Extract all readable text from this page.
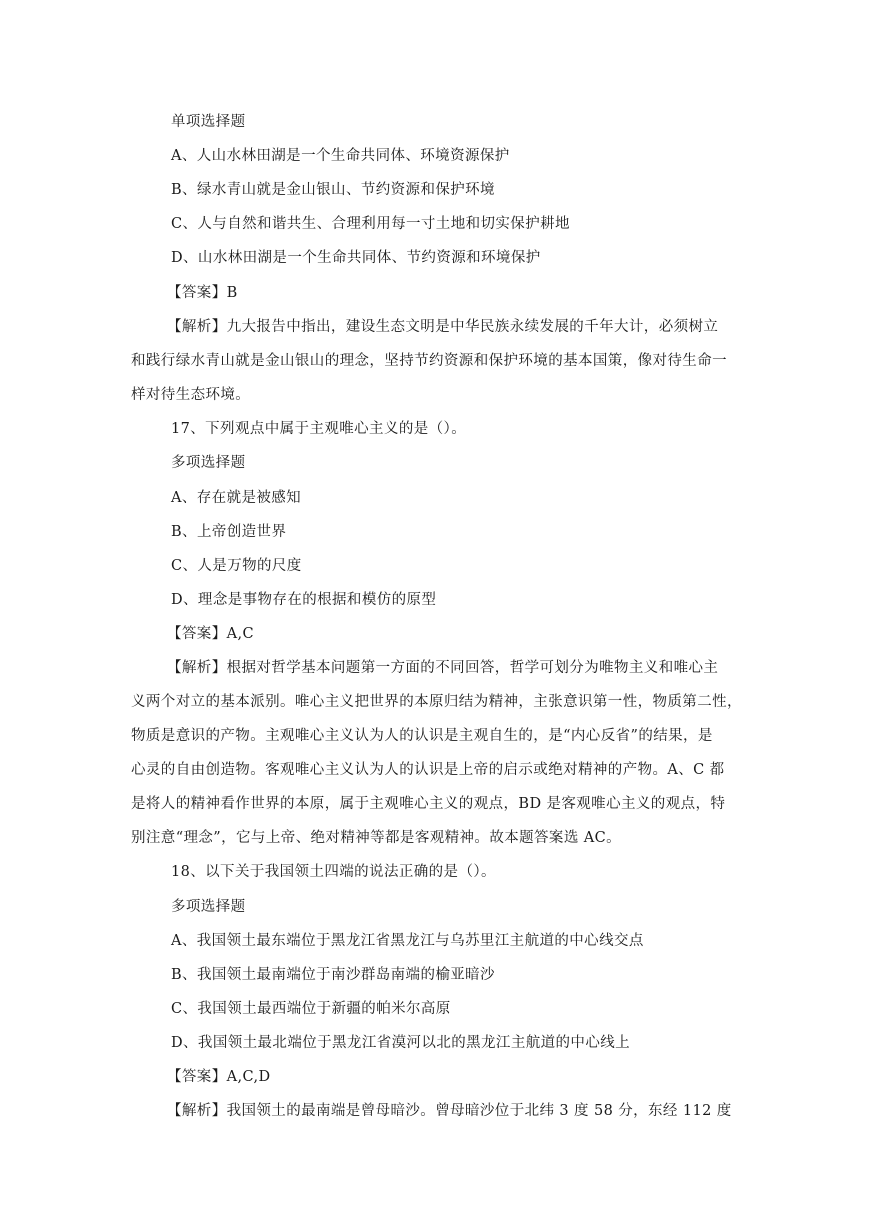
单项选择题
A、人山水林田湖是一个生命共同体、环境资源保护
B、绿水青山就是金山银山、节约资源和保护环境
C、人与自然和谐共生、合理利用每一寸土地和切实保护耕地
D、山水林田湖是一个生命共同体、节约资源和环境保护
【答案】B
【解析】九大报告中指出，建设生态文明是中华民族永续发展的千年大计，必须树立
和践行绿水青山就是金山银山的理念，坚持节约资源和保护环境的基本国策，像对待生命一
样对待生态环境。
17、下列观点中属于主观唯心主义的是（）。
多项选择题
A、存在就是被感知
B、上帝创造世界
C、人是万物的尺度
D、理念是事物存在的根据和模仿的原型
【答案】A,C
【解析】根据对哲学基本问题第一方面的不同回答，哲学可划分为唯物主义和唯心主
义两个对立的基本派别。唯心主义把世界的本原归结为精神，主张意识第一性，物质第二性，
物质是意识的产物。主观唯心主义认为人的认识是主观自生的，是“内心反省”的结果，是
心灵的自由创造物。客观唯心主义认为人的认识是上帝的启示或绝对精神的产物。A、C 都
是将人的精神看作世界的本原，属于主观唯心主义的观点，BD 是客观唯心主义的观点，特
别注意“理念”，它与上帝、绝对精神等都是客观精神。故本题答案选 AC。
18、以下关于我国领土四端的说法正确的是（）。
多项选择题
A、我国领土最东端位于黑龙江省黑龙江与乌苏里江主航道的中心线交点
B、我国领土最南端位于南沙群岛南端的榆亚暗沙
C、我国领土最西端位于新疆的帕米尔高原
D、我国领土最北端位于黑龙江省漠河以北的黑龙江主航道的中心线上
【答案】A,C,D
【解析】我国领土的最南端是曾母暗沙。曾母暗沙位于北纬 3 度 58 分，东经 112 度
